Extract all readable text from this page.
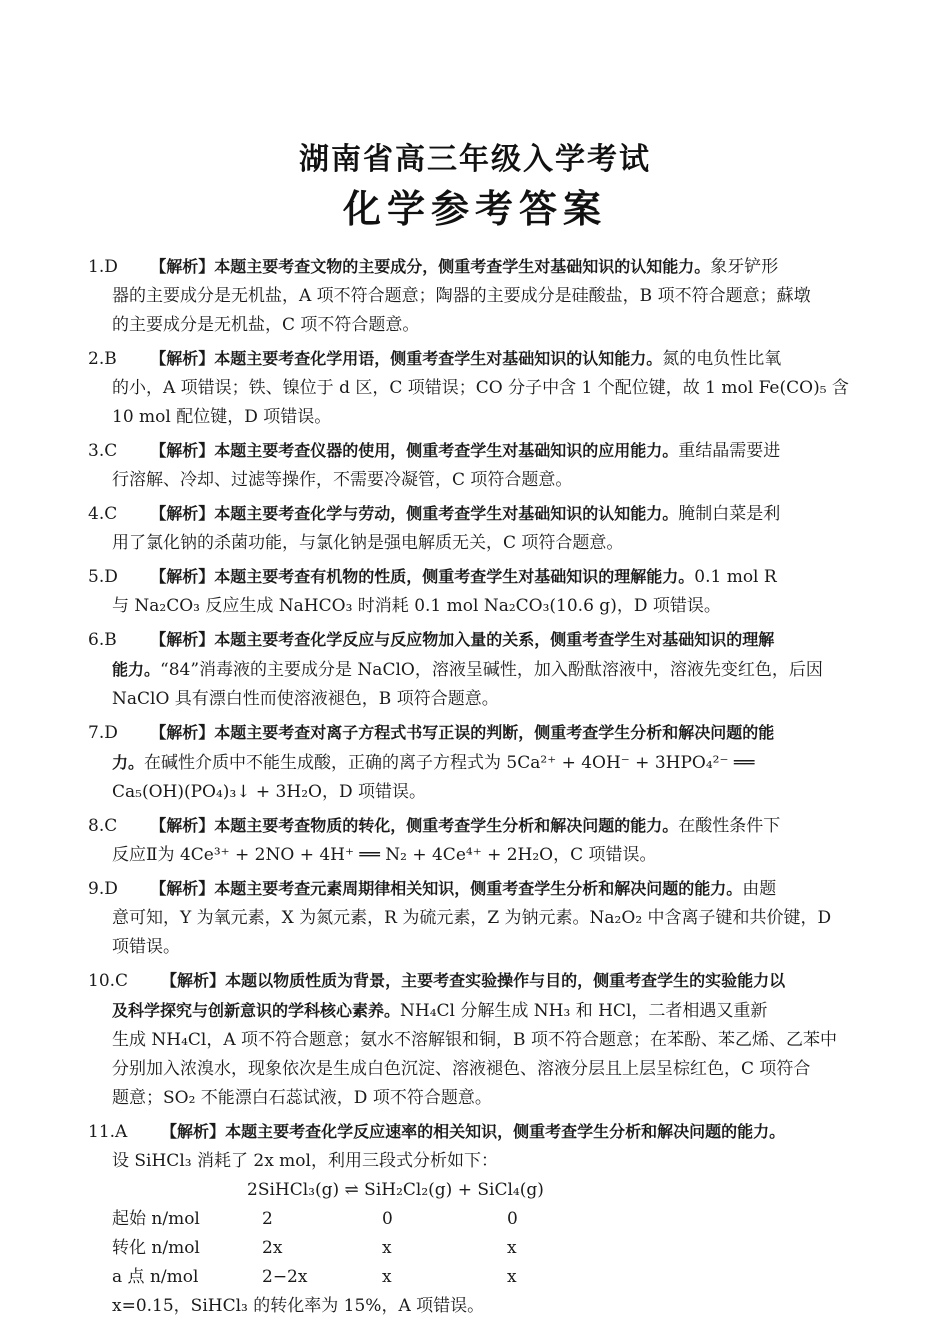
湖南省高三年级入学考试
化学参考答案
1.D 【解析】本题主要考查文物的主要成分，侧重考查学生对基础知识的认知能力。象牙铲形
器的主要成分是无机盐，A 项不符合题意；陶器的主要成分是硅酸盐，B 项不符合题意；蘇墩
的主要成分是无机盐，C 项不符合题意。
2.B 【解析】本题主要考查化学用语，侧重考查学生对基础知识的认知能力。氮的电负性比氧
的小，A 项错误；铁、镍位于 d 区，C 项错误；CO 分子中含 1 个配位键，故 1 mol Fe(CO)₅ 含
10 mol 配位键，D 项错误。
3.C 【解析】本题主要考查仪器的使用，侧重考查学生对基础知识的应用能力。重结晶需要进
行溶解、冷却、过滤等操作，不需要冷凝管，C 项符合题意。
4.C 【解析】本题主要考查化学与劳动，侧重考查学生对基础知识的认知能力。腌制白菜是利
用了氯化钠的杀菌功能，与氯化钠是强电解质无关，C 项符合题意。
5.D 【解析】本题主要考查有机物的性质，侧重考查学生对基础知识的理解能力。0.1 mol R
与 Na₂CO₃ 反应生成 NaHCO₃ 时消耗 0.1 mol Na₂CO₃(10.6 g)，D 项错误。
6.B 【解析】本题主要考查化学反应与反应物加入量的关系，侧重考查学生对基础知识的理解
能力。“84”消毒液的主要成分是 NaClO，溶液呈碱性，加入酚酞溶液中，溶液先变红色，后因
NaClO 具有漂白性而使溶液褪色，B 项符合题意。
7.D 【解析】本题主要考查对离子方程式书写正误的判断，侧重考查学生分析和解决问题的能
力。在碱性介质中不能生成酸，正确的离子方程式为 5Ca²⁺ + 4OH⁻ + 3HPO₄²⁻ ══
Ca₅(OH)(PO₄)₃↓ + 3H₂O，D 项错误。
8.C 【解析】本题主要考查物质的转化，侧重考查学生分析和解决问题的能力。在酸性条件下
反应Ⅱ为 4Ce³⁺ + 2NO + 4H⁺ ══ N₂ + 4Ce⁴⁺ + 2H₂O，C 项错误。
9.D 【解析】本题主要考查元素周期律相关知识，侧重考查学生分析和解决问题的能力。由题
意可知，Y 为氧元素，X 为氮元素，R 为硫元素，Z 为钠元素。Na₂O₂ 中含离子键和共价键，D
项错误。
10.C 【解析】本题以物质性质为背景，主要考查实验操作与目的，侧重考查学生的实验能力以
及科学探究与创新意识的学科核心素养。NH₄Cl 分解生成 NH₃ 和 HCl，二者相遇又重新
生成 NH₄Cl，A 项不符合题意；氨水不溶解银和铜，B 项不符合题意；在苯酚、苯乙烯、乙苯中
分别加入浓溴水，现象依次是生成白色沉淀、溶液褪色、溶液分层且上层呈棕红色，C 项符合
题意；SO₂ 不能漂白石蕊试液，D 项不符合题意。
11.A 【解析】本题主要考查化学反应速率的相关知识，侧重考查学生分析和解决问题的能力。
设 SiHCl₃ 消耗了 2x mol，利用三段式分析如下：
2SiHCl₃(g) ⇌ SiH₂Cl₂(g) + SiCl₄(g)
起始 n/mol	2	0	0
转化 n/mol	2x	x	x
a 点 n/mol	2−2x	x	x
x=0.15，SiHCl₃ 的转化率为 15%，A 项错误。
